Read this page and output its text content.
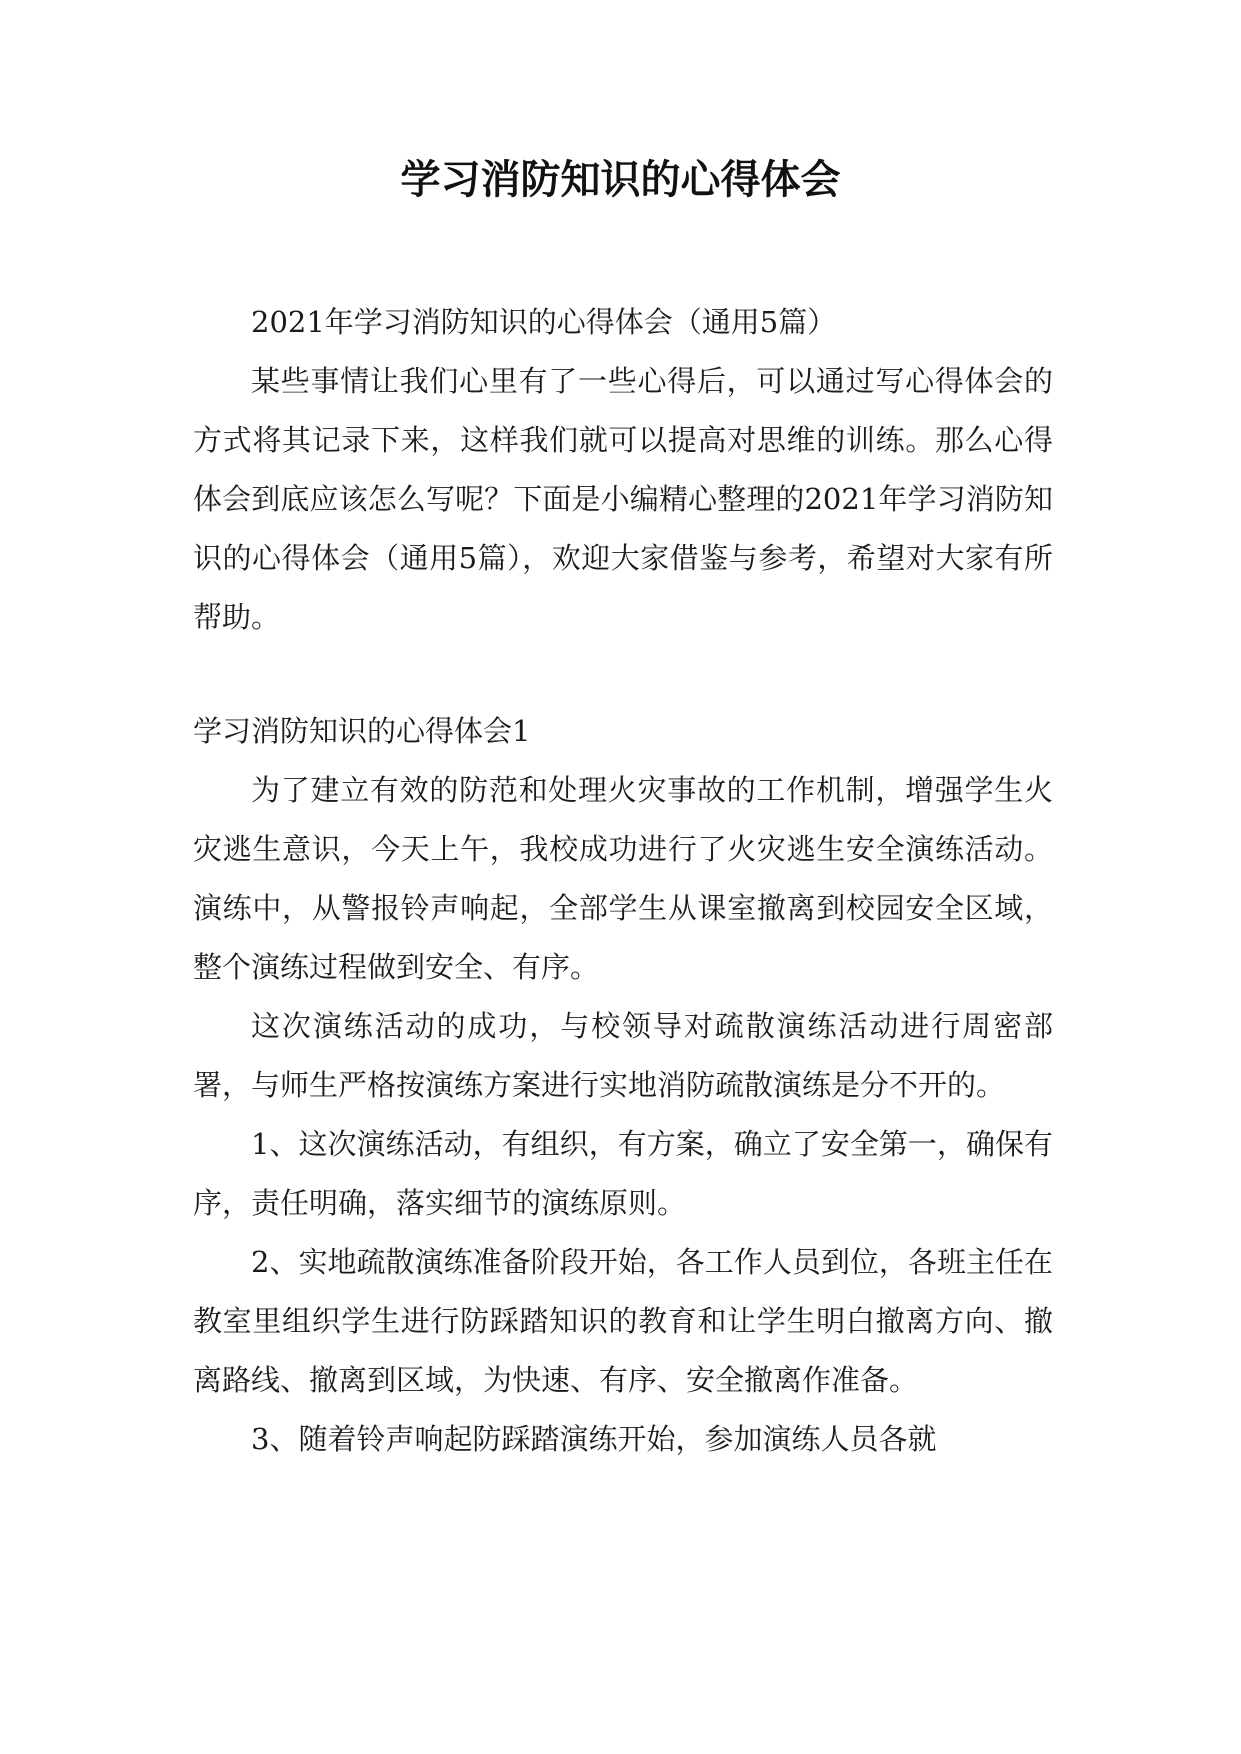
学习消防知识的心得体会

2021年学习消防知识的心得体会（通用5篇）

某些事情让我们心里有了一些心得后，可以通过写心得体会的方式将其记录下来，这样我们就可以提高对思维的训练。那么心得体会到底应该怎么写呢？下面是小编精心整理的2021年学习消防知识的心得体会（通用5篇），欢迎大家借鉴与参考，希望对大家有所帮助。

学习消防知识的心得体会1

为了建立有效的防范和处理火灾事故的工作机制，增强学生火灾逃生意识，今天上午，我校成功进行了火灾逃生安全演练活动。演练中，从警报铃声响起，全部学生从课室撤离到校园安全区域，整个演练过程做到安全、有序。

这次演练活动的成功，与校领导对疏散演练活动进行周密部署，与师生严格按演练方案进行实地消防疏散演练是分不开的。

1、这次演练活动，有组织，有方案，确立了安全第一，确保有序，责任明确，落实细节的演练原则。

2、实地疏散演练准备阶段开始，各工作人员到位，各班主任在教室里组织学生进行防踩踏知识的教育和让学生明白撤离方向、撤离路线、撤离到区域，为快速、有序、安全撤离作准备。

3、随着铃声响起防踩踏演练开始，参加演练人员各就
